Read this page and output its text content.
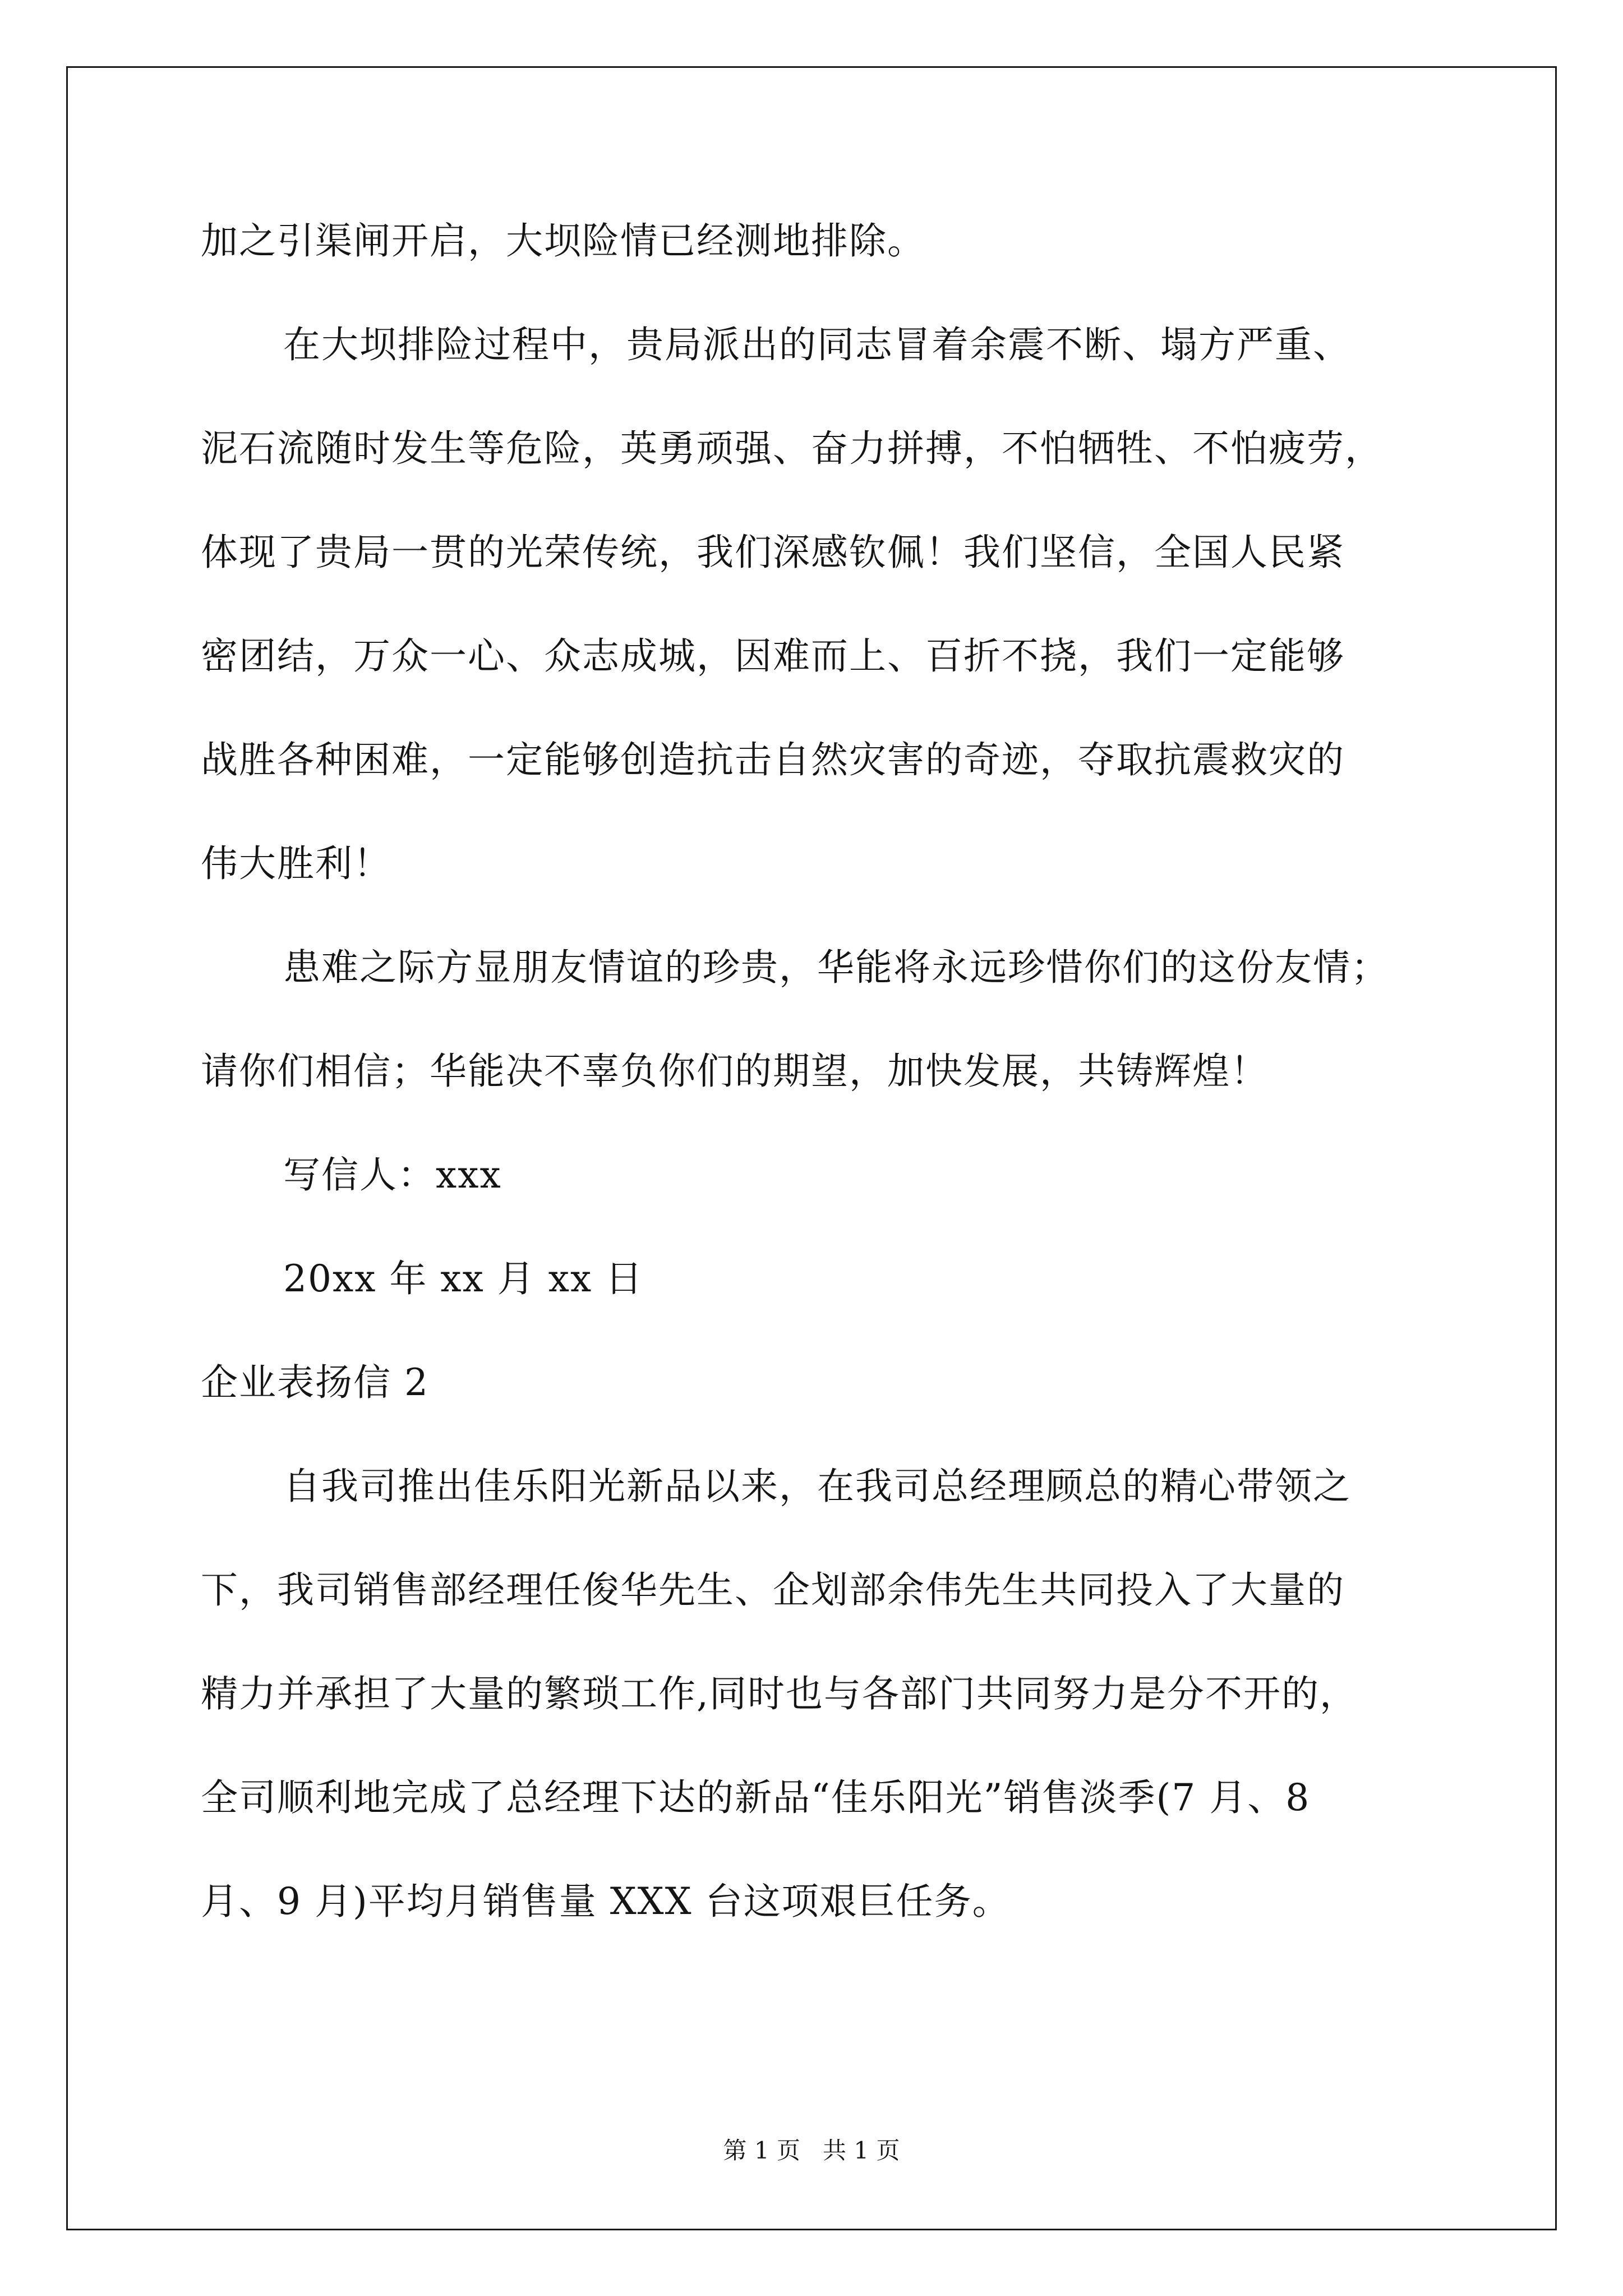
加之引渠闸开启，大坝险情已经测地排除。
在大坝排险过程中，贵局派出的同志冒着余震不断、塌方严重、
泥石流随时发生等危险，英勇顽强、奋力拼搏，不怕牺牲、不怕疲劳，
体现了贵局一贯的光荣传统，我们深感钦佩！我们坚信，全国人民紧
密团结，万众一心、众志成城，因难而上、百折不挠，我们一定能够
战胜各种困难，一定能够创造抗击自然灾害的奇迹，夺取抗震救灾的
伟大胜利！
患难之际方显朋友情谊的珍贵，华能将永远珍惜你们的这份友情；
请你们相信；华能决不辜负你们的期望，加快发展，共铸辉煌！
写信人：xxx
20xx 年 xx 月 xx 日
企业表扬信 2
自我司推出佳乐阳光新品以来，在我司总经理顾总的精心带领之
下，我司销售部经理任俊华先生、企划部余伟先生共同投入了大量的
精力并承担了大量的繁琐工作,同时也与各部门共同努力是分不开的，
全司顺利地完成了总经理下达的新品“佳乐阳光”销售淡季(7 月、8
月、9 月)平均月销售量 XXX 台这项艰巨任务。
第 1 页   共 1 页
